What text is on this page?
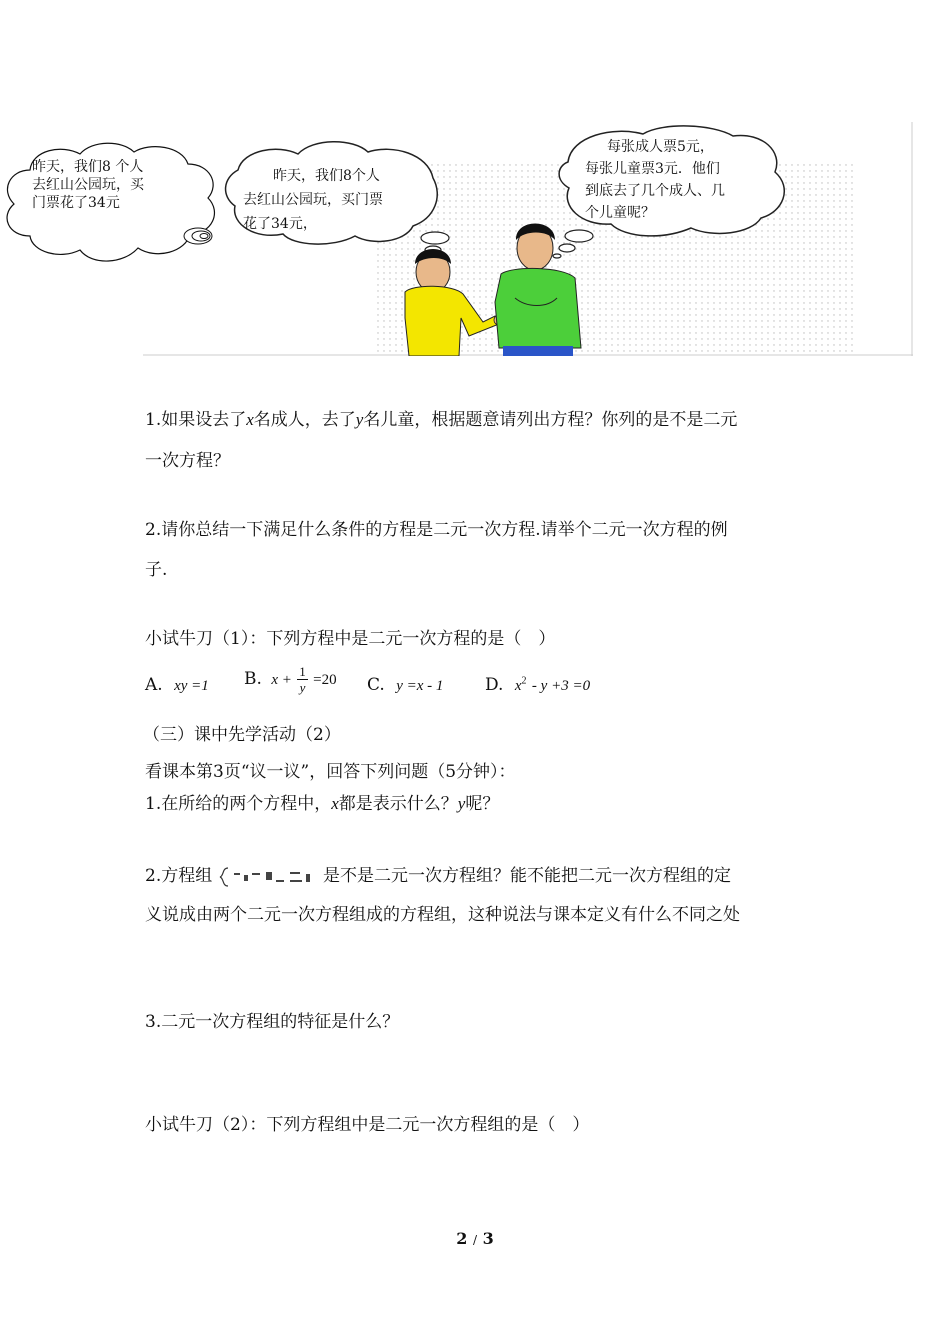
昨天，我们8 个人
去红山公园玩，买
门票花了34元
昨天，我们8个人
去红山公园玩，买门票
花了34元，
每张成人票5元，
每张儿童票3元．他们
到底去了几个成人、几
个儿童呢？
1.如果设去了x名成人，去了y名儿童，根据题意请列出方程？你列的是不是二元
一次方程？
2.请你总结一下满足什么条件的方程是二元一次方程.请举个二元一次方程的例
子.
小试牛刀（1）：下列方程中是二元一次方程的是（　）
A. xy =1 B. $x + \frac{1}{y} =20$ C. y =x - 1 D. $x^2 - y +3 =0$
（三）课中先学活动（2）
看课本第3页“议一议”，回答下列问题（5分钟）：
1.在所给的两个方程中，x都是表示什么？y呢？
2.方程组	是不是二元一次方程组？能不能把二元一次方程组的定
义说成由两个二元一次方程组成的方程组，这种说法与课本定义有什么不同之处
3.二元一次方程组的特征是什么？
小试牛刀（2）：下列方程组中是二元一次方程组的是（　）
2 / 3
